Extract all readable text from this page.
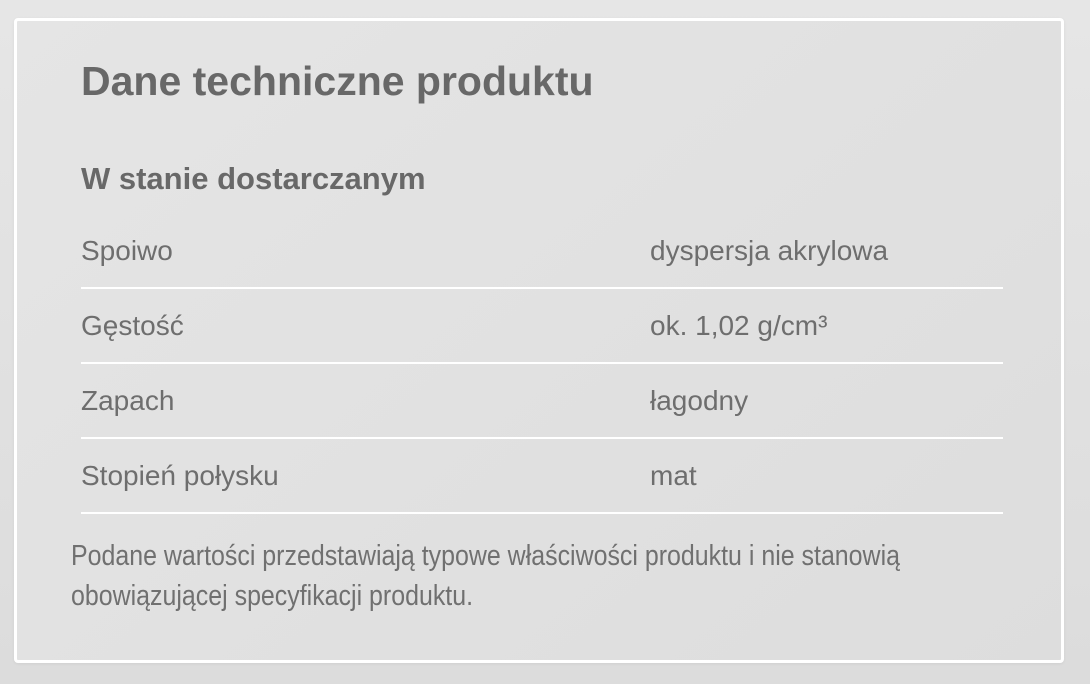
Dane techniczne produktu
W stanie dostarczanym
Spoiwo	dyspersja akrylowa
Gęstość	ok. 1,02 g/cm³
Zapach	łagodny
Stopień połysku	mat

Podane wartości przedstawiają typowe właściwości produktu i nie stanowią obowiązującej specyfikacji produktu.
